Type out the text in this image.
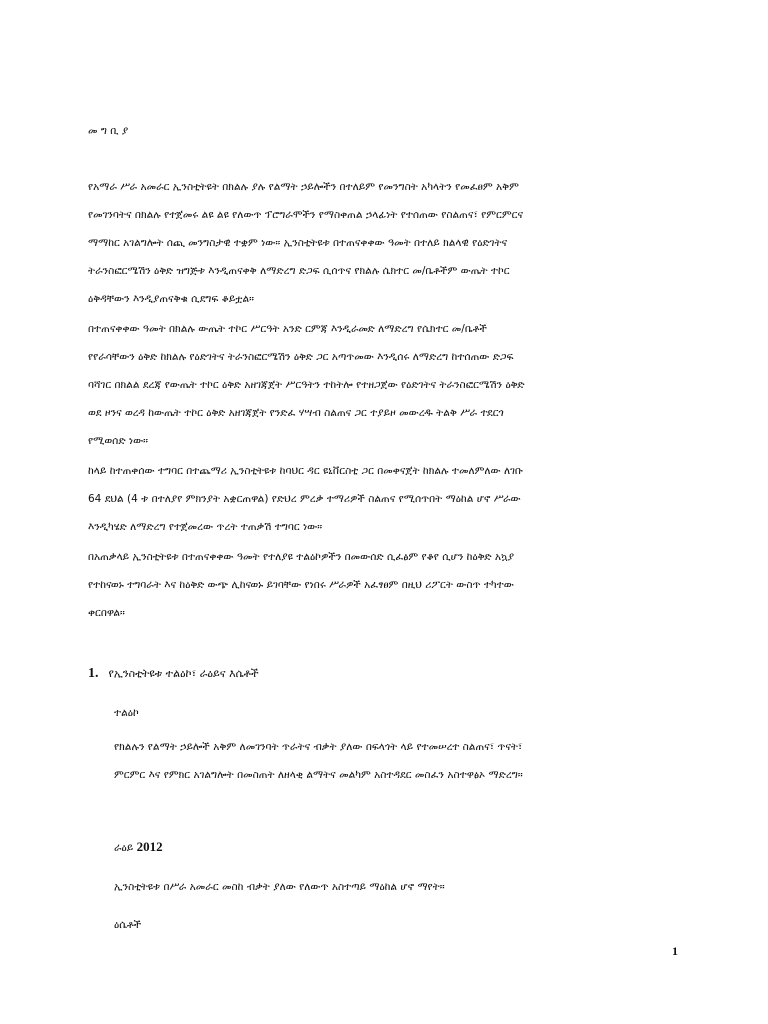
መ ግ ቢ ያ
የአማራ ሥራ አመራር ኢንስቲትዩት በክልሉ ያሉ የልማት ኃይሎችን በተለይም የመንግስት አካላትን የመፈፀም አቅም
የመገንባትና በክልሉ የተጀመሩ ልዩ ልዩ የለውጥ ፕሮግራሞችን የማስቀጠል ኃላፊነት የተሰጠው የስልጠና፣ የምርምርና
ማማከር አገልግሎት ሰጪ መንግስታዊ ተቋም ነው። ኢንስቲትዩቱ በተጠናቀቀው ዓመት በተለይ ክልላዊ የዕድገትና
ትራንስፎርሜሽን ዕቅድ ዝግጅቱ እንዲጠናቀቅ ለማድረግ ድጋፍ ሲሰጥና የክልሉ ሴክተር መ/ቤቶችም ውጤት ተኮር
ዕቅዳቸውን እንዲያጠናቅቁ ሲደግፍ ቆይቷል።
በተጠናቀቀው ዓመት በክልሉ ውጤት ተኮር ሥርዓት አንድ ርምጃ እንዲራመድ ለማድረግ የሴክተር መ/ቤቶች
የየራሳቸውን ዕቅድ ከክልሉ የዕድገትና ትራንስፎርሜሽን ዕቅድ ጋር አጣጥመው እንዲሰሩ ለማድረግ ከተሰጠው ድጋፍ
ባሻገር በክልል ደረጃ የውጤት ተኮር ዕቅድ አዘገጃጀት ሥርዓትን ተከትሎ የተዘጋጀው የዕድገትና ትራንስፎርሜሽን ዕቅድ
ወደ ዞንና ወረዳ ከውጤት ተኮር ዕቅድ አዘገጃጀት የንድፈ ሃሣብ ስልጠና ጋር ተያይዞ መውረዱ ትልቅ ሥራ ተደርጎ
የሚወሰድ ነው።
ከላይ ከተጠቀሰው ተግባር በተጨማሪ ኢንስቲትዩቱ ከባህር ዳር ዩኒቨርስቲ ጋር በመቀናጀት ከክልሉ ተመለምለው ለገቡ
64 ደህል (4 ቱ በተለያየ ምክንያት አቋርጠዋል) የድህረ ምረቃ ተማሪዎች ስልጠና የሚሰጥበት ማዕከል ሆኖ ሥራው
እንዲካሄድ ለማድረግ የተጀመረው ጥረት ተጠቃሽ ተግባር ነው።
በአጠቃላይ ኢንስቲትዩቱ በተጠናቀቀው ዓመት የተለያዩ ተልዕኮዎችን በመውሰድ ሲፈፅም የቆየ ሲሆን ከዕቅድ አኳያ
የተከናወኑ ተግባራት እና ከዕቅድ ውጭ ሊከናወኑ ይገባቸው የነበሩ ሥራዎች አፈፃፀም በዚህ ሪፖርት ውስጥ ተካተው
ቀርበዋል።
1. የኢንስቲትዩቱ ተልዕኮ፣ ራዕይና እሴቶች
ተልዕኮ
የክልሉን የልማት ኃይሎች አቅም ለመገንባት ጥራትና ብቃት ያለው በፍላጎት ላይ የተመሠረተ ስልጠና፣ ጥናት፣
ምርምር እና የምክር አገልግሎት በመስጠት ለዘላቂ ልማትና መልካም አስተዳደር መስፈን አስተዋፅኦ ማድረግ።
ራዕይ 2012
ኢንስቲትዩቱ በሥራ አመራር መስከ ብቃት ያለው የለውጥ አስተጣይ ማዕከል ሆኖ ማየት።
ዕሴቶች
1
